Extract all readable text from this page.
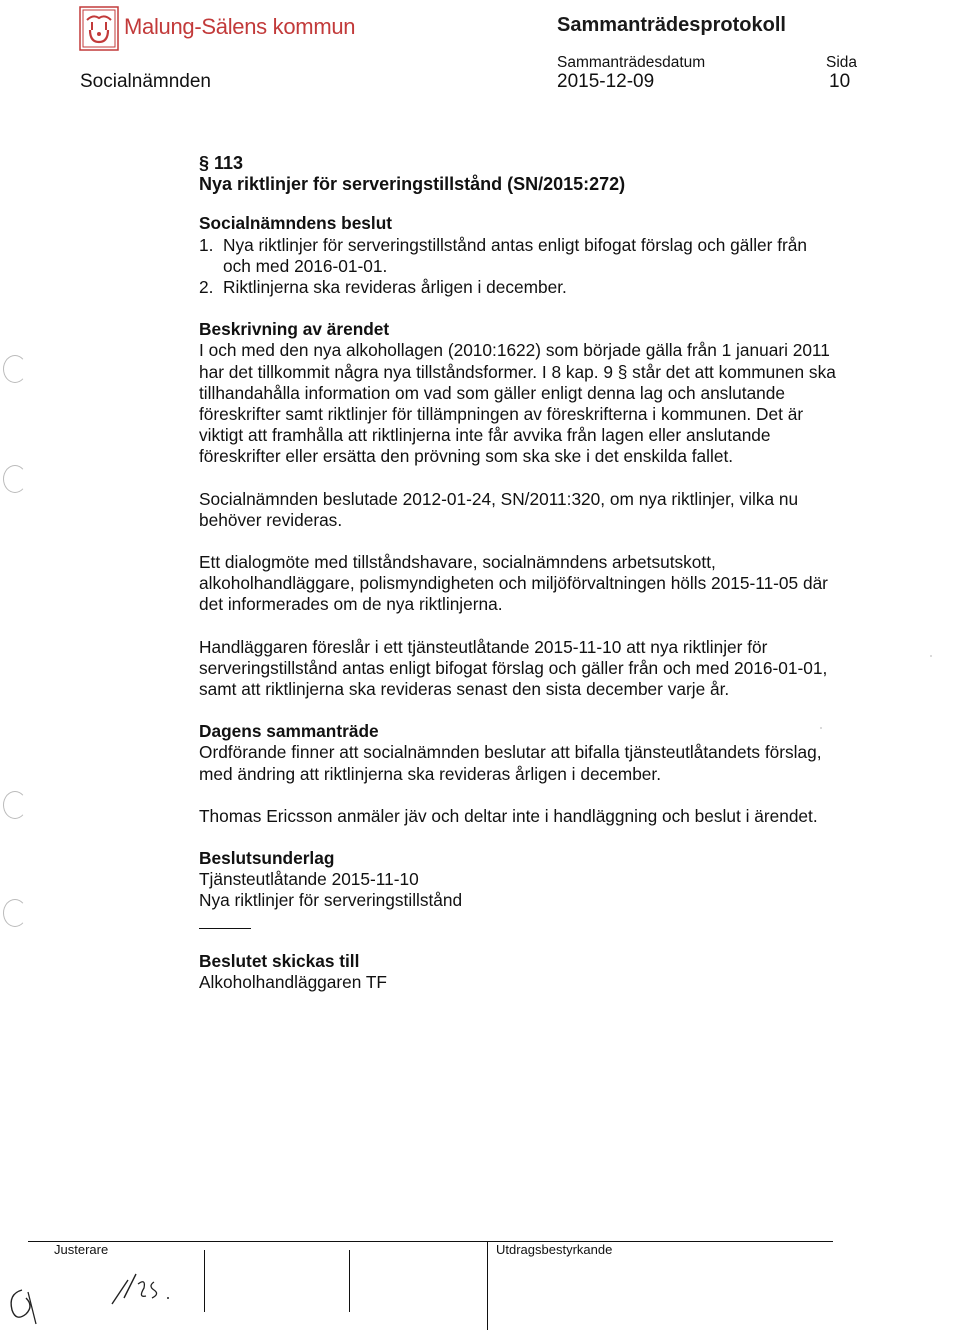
Malung-Sälens kommun	Sammanträdesprotokoll
Socialnämnden
Sammanträdesdatum
2015-12-09
Sida
10

§ 113

Nya riktlinjer för serveringstillstånd (SN/2015:272)

Socialnämndens beslut

1. Nya riktlinjer för serveringstillstånd antas enligt bifogat förslag och gäller från och med 2016-01-01.
2. Riktlinjerna ska revideras årligen i december.

Beskrivning av ärendet

I och med den nya alkohollagen (2010:1622) som började gälla från 1 januari 2011 har det tillkommit några nya tillståndsformer. I 8 kap. 9 § står det att kommunen ska tillhandahålla information om vad som gäller enligt denna lag och anslutande föreskrifter samt riktlinjer för tillämpningen av föreskrifterna i kommunen. Det är viktigt att framhålla att riktlinjerna inte får avvika från lagen eller anslutande föreskrifter eller ersätta den prövning som ska ske i det enskilda fallet.

Socialnämnden beslutade 2012-01-24, SN/2011:320, om nya riktlinjer, vilka nu behöver revideras.

Ett dialogmöte med tillståndshavare, socialnämndens arbetsutskott, alkoholhandläggare, polismyndigheten och miljöförvaltningen hölls 2015-11-05 där det informerades om de nya riktlinjerna.

Handläggaren föreslår i ett tjänsteutlåtande 2015-11-10 att nya riktlinjer för serveringstillstånd antas enligt bifogat förslag och gäller från och med 2016-01-01, samt att riktlinjerna ska revideras senast den sista december varje år.

Dagens sammanträde

Ordförande finner att socialnämnden beslutar att bifalla tjänsteutlåtandets förslag, med ändring att riktlinjerna ska revideras årligen i december.

Thomas Ericsson anmäler jäv och deltar inte i handläggning och beslut i ärendet.

Beslutsunderlag

Tjänsteutlåtande 2015-11-10

Nya riktlinjer för serveringstillstånd

Beslutet skickas till

Alkoholhandläggaren TF

Justerare	Utdragsbestyrkande
